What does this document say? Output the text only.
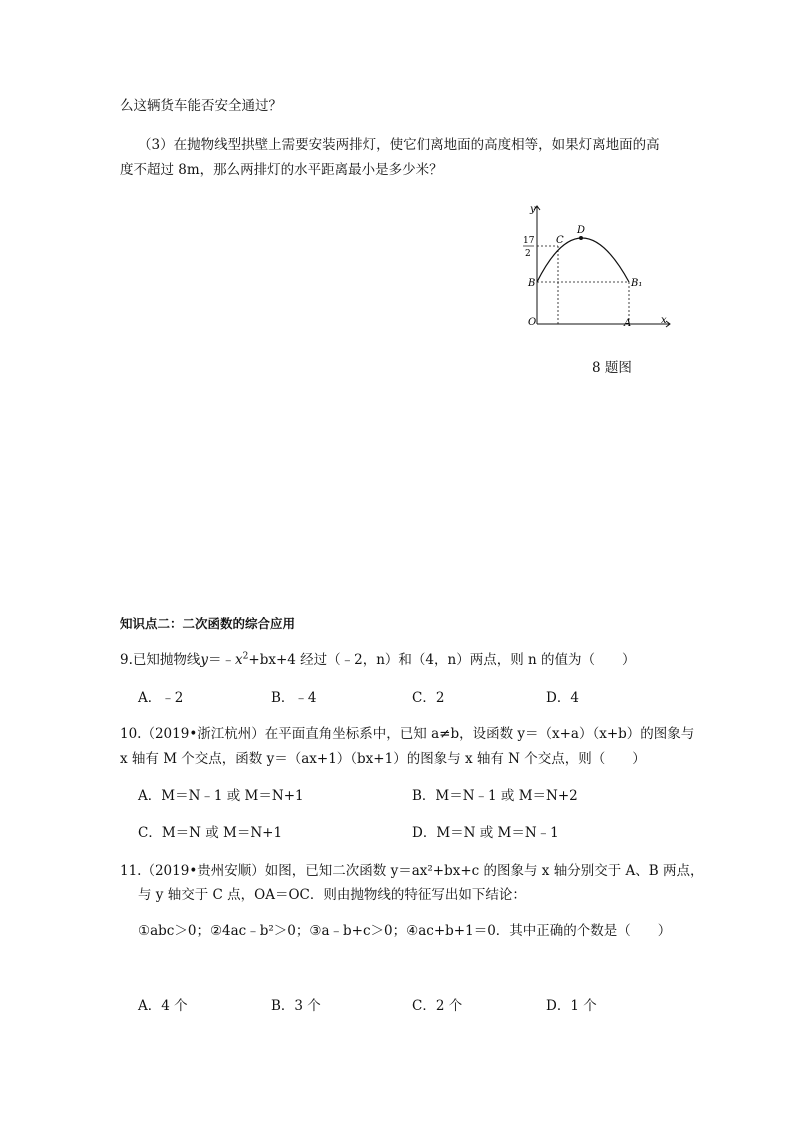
么这辆货车能否安全通过？
（3）在抛物线型拱壁上需要安装两排灯，使它们离地面的高度相等，如果灯离地面的高
度不超过 8m，那么两排灯的水平距离最小是多少米？
y
x
O	A
B	B₁
C
D
17
2
8 题图
知识点二：二次函数的综合应用
9.已知抛物线$y=﹣x^2+bx+4$ 经过（﹣2，n）和（4，n）两点，则 n 的值为（　　）
A．﹣2	B．﹣4	C．2	D．4
10.（2019•浙江杭州）在平面直角坐标系中，已知 a≠b，设函数 y＝（x+a）（x+b）的图象与
x 轴有 M 个交点，函数 y＝（ax+1）（bx+1）的图象与 x 轴有 N 个交点，则（　　）
A．M＝N﹣1 或 M＝N+1	B．M＝N﹣1 或 M＝N+2
C．M＝N 或 M＝N+1	D．M＝N 或 M＝N﹣1
11.（2019•贵州安顺）如图，已知二次函数 y＝ax²+bx+c 的图象与 x 轴分别交于 A、B 两点，
与 y 轴交于 C 点，OA＝OC．则由抛物线的特征写出如下结论：
①abc＞0；②4ac﹣b²＞0；③a﹣b+c＞0；④ac+b+1＝0．其中正确的个数是（　　）
A．4 个	B．3 个	C．2 个	D．1 个
